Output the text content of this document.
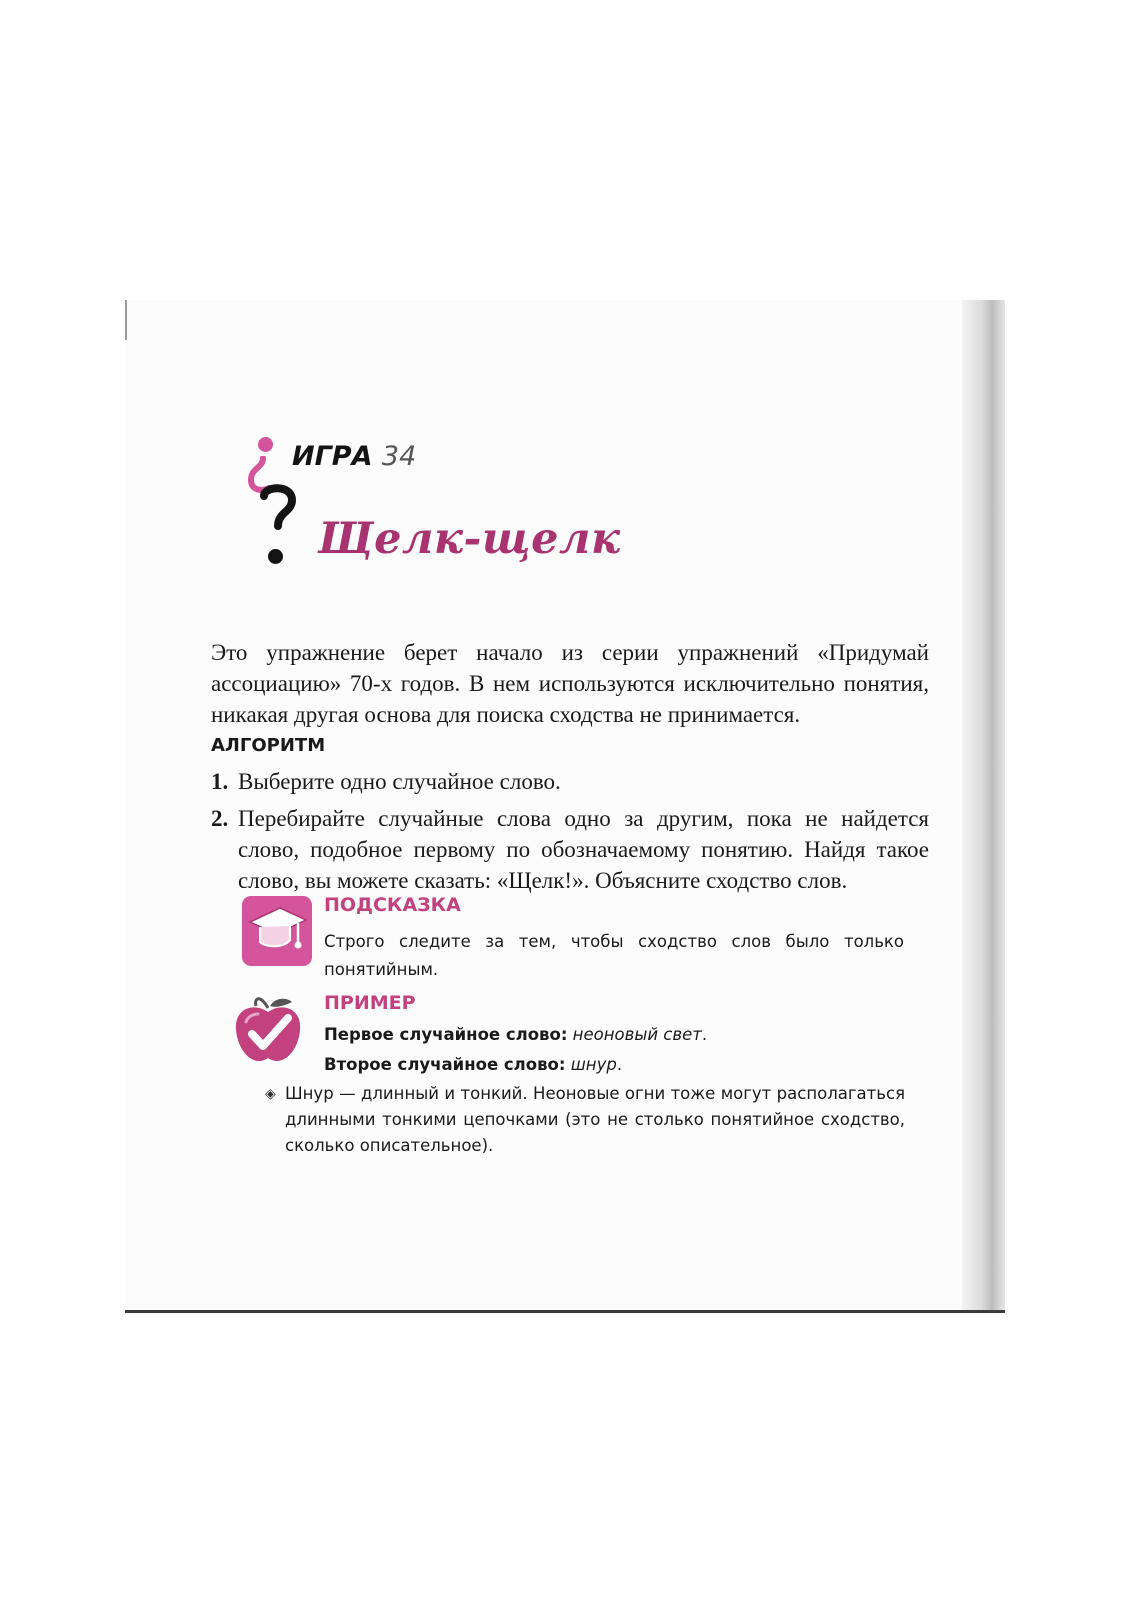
ИГРА 34
Щелк-щелк

Это упражнение берет начало из серии упражнений «Придумай ассоциацию» 70-х годов. В нем используются исключительно понятия, никакая другая основа для поиска сходства не принимается.

АЛГОРИТМ
1. Выберите одно случайное слово.
2. Перебирайте случайные слова одно за другим, пока не найдется слово, подобное первому по обозначаемому понятию. Найдя такое слово, вы можете сказать: «Щелк!». Объясните сходство слов.
ПОДСКАЗКА

Строго следите за тем, чтобы сходство слов было только понятийным.

ПРИМЕР

Первое случайное слово: неоновый свет.

Второе случайное слово: шнур.

◈ Шнур — длинный и тонкий. Неоновые огни тоже могут располагаться длинными тонкими цепочками (это не столько понятийное сходство, сколько описательное).
